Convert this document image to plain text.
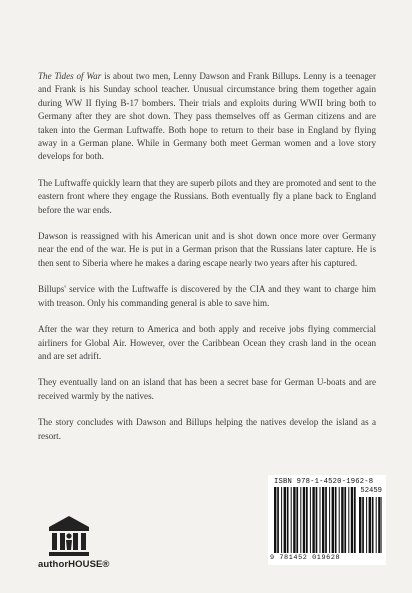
The Tides of War is about two men, Lenny Dawson and Frank Billups. Lenny is a teenager and Frank is his Sunday school teacher. Unusual circumstance bring them together again during WW II flying B-17 bombers. Their trials and exploits during WWII bring both to Germany after they are shot down. They pass themselves off as German citizens and are taken into the German Luftwaffe. Both hope to return to their base in England by flying away in a German plane. While in Germany both meet German women and a love story develops for both.

The Luftwaffe quickly learn that they are superb pilots and they are promoted and sent to the eastern front where they engage the Russians. Both eventually fly a plane back to England before the war ends.

Dawson is reassigned with his American unit and is shot down once more over Germany near the end of the war. He is put in a German prison that the Russians later capture. He is then sent to Siberia where he makes a daring escape nearly two years after his captured.

Billups' service with the Luftwaffe is discovered by the CIA and they want to charge him with treason. Only his commanding general is able to save him.

After the war they return to America and both apply and receive jobs flying commercial airliners for Global Air. However, over the Caribbean Ocean they crash land in the ocean and are set adrift.

They eventually land on an island that has been a secret base for German U-boats and are received warmly by the natives.

The story concludes with Dawson and Billups helping the natives develop the island as a resort.

ISBN 978-1-4520-1962-8
52459
9 781452 019628
authorHOUSE®
